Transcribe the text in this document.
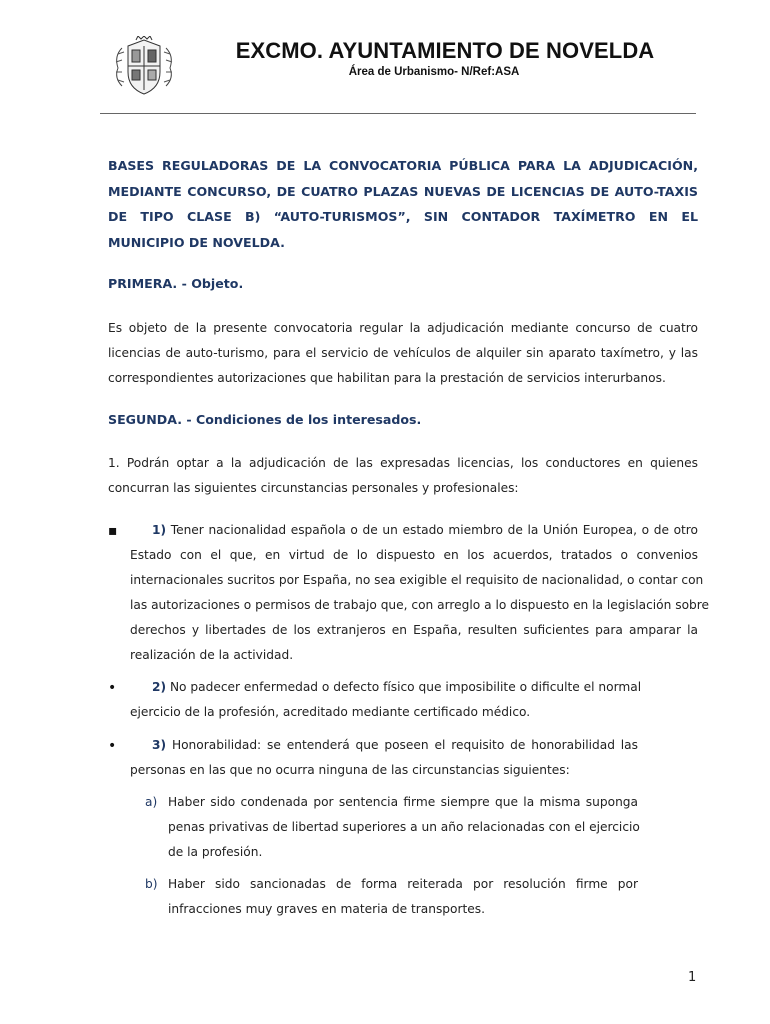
EXCMO. AYUNTAMIENTO DE NOVELDA
Área de Urbanismo- N/Ref:ASA
BASES REGULADORAS DE LA CONVOCATORIA PÚBLICA PARA LA ADJUDICACIÓN,
MEDIANTE CONCURSO, DE CUATRO PLAZAS NUEVAS DE LICENCIAS DE AUTO-TAXIS
DE TIPO CLASE B) “AUTO-TURISMOS”, SIN CONTADOR TAXÍMETRO EN EL
MUNICIPIO DE NOVELDA.
PRIMERA. - Objeto.
Es objeto de la presente convocatoria regular la adjudicación mediante concurso de cuatro
licencias de auto-turismo, para el servicio de vehículos de alquiler sin aparato taxímetro, y las
correspondientes autorizaciones que habilitan para la prestación de servicios interurbanos.
SEGUNDA. - Condiciones de los interesados.
1. Podrán optar a la adjudicación de las expresadas licencias, los conductores en quienes
concurran las siguientes circunstancias personales y profesionales:
▪	1) Tener nacionalidad española o de un estado miembro de la Unión Europea, o de otro
Estado con el que, en virtud de lo dispuesto en los acuerdos, tratados o convenios
internacionales sucritos por España, no sea exigible el requisito de nacionalidad, o contar con
las autorizaciones o permisos de trabajo que, con arreglo a lo dispuesto en la legislación sobre
derechos y libertades de los extranjeros en España, resulten suficientes para amparar la
realización de la actividad.
•	2) No padecer enfermedad o defecto físico que imposibilite o dificulte el normal
ejercicio de la profesión, acreditado mediante certificado médico.
•	3) Honorabilidad: se entenderá que poseen el requisito de honorabilidad las
personas en las que no ocurra ninguna de las circunstancias siguientes:
a) Haber sido condenada por sentencia firme siempre que la misma suponga
penas privativas de libertad superiores a un año relacionadas con el ejercicio
de la profesión.
b) Haber sido sancionadas de forma reiterada por resolución firme por
infracciones muy graves en materia de transportes.
1
